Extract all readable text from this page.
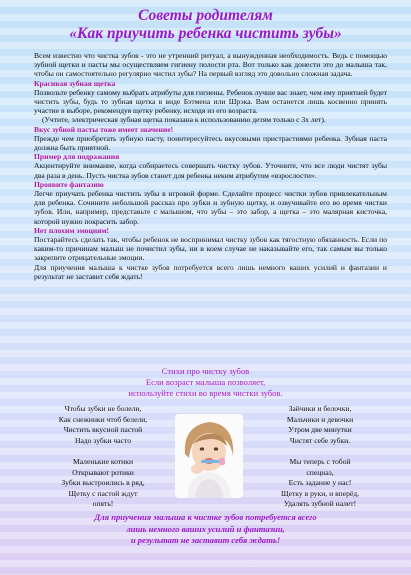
Советы родителям
«Как приучить ребенка чистить зубы»

Всем известно что чистка зубов - это не утренний ритуал, а вынужденная необходимость. Ведь с помощью зубной щетки и пасты мы осуществляем гигиену полости рта. Вот только как донести это до малыша так, чтобы он самостоятельно регулярно чистил зубы? На первый взгляд это довольно сложная задача.

Красивая зубная щетка

Позвольте ребенку самому выбрать атрибуты для гигиены. Ребенок лучше вас знает, чем ему приятней будет чистить зубы, будь то зубная щетка в виде Бэтмена или Шрэка. Вам останется лишь косвенно принять участие в выборе, рекомендуя щетку ребенку, исходя из его возраста.

(Учтите, электрическая зубная щетка показана к использованию детям только с 3х лет).

Вкус зубной пасты тоже имеет значение!

Прежде чем приобретать зубную пасту, поинтересуйтесь вкусовыми пристрастиями ребенка. Зубная паста должна быть приятной.

Пример для подражания

Акцентируйте внимание, когда собираетесь совершать чистку зубов. Уточните, что все люди чистят зубы два раза в день. Пусть чистка зубов станет для ребенка неким атрибутом «взрослости».

Проявите фантазию

Легче приучать ребенка чистить зубы в игровой форме. Сделайте процесс чистки зубов привлекательным для ребенка. Сочините небольшой рассказ про зубки и зубную щетку, и озвучивайте его во время чистки зубов. Или, например, представьте с малышом, что зубы – это забор, а щетка – это малярная кисточка, которой нужно покрасить забор.

Нет плохим эмоциям!

Постарайтесь сделать так, чтобы ребенок не воспринимал чистку зубов как тягостную обязанность. Если по каким-то причинам малыш не почистил зубы, ни в коем случае не наказывайте его, так самым вы только закрепите отрицательные эмоции.

Для приучения малыша к чистке зубов потребуется всего лишь немного ваших усилий и фантазии и результат не заставит себя ждать!

Стихи про чистку зубов
Если возраст малыша позволяет,
используйте стихи во время чистки зубов.
Чтобы зубки не болели,
Как снежинки чтоб белели,
Чистить вкусной пастой
Надо зубки часто
Зайчики и белочки,
Мальчики и девочки
Утром две минутки
Чистят себе зубки.
Маленькие котики
Открывают ротики
Зубки выстроились в ряд,
Щетку с пастой ждут
опять!
Мы теперь с тобой
спецназ,
Есть задание у нас!
Щетку в руки, и вперёд,
Удалять зубной налет!
Для приучения малыша к чистке зубов потребуется всего
лишь немного ваших усилий и фантазии,
и результат не заставит себя ждать!
